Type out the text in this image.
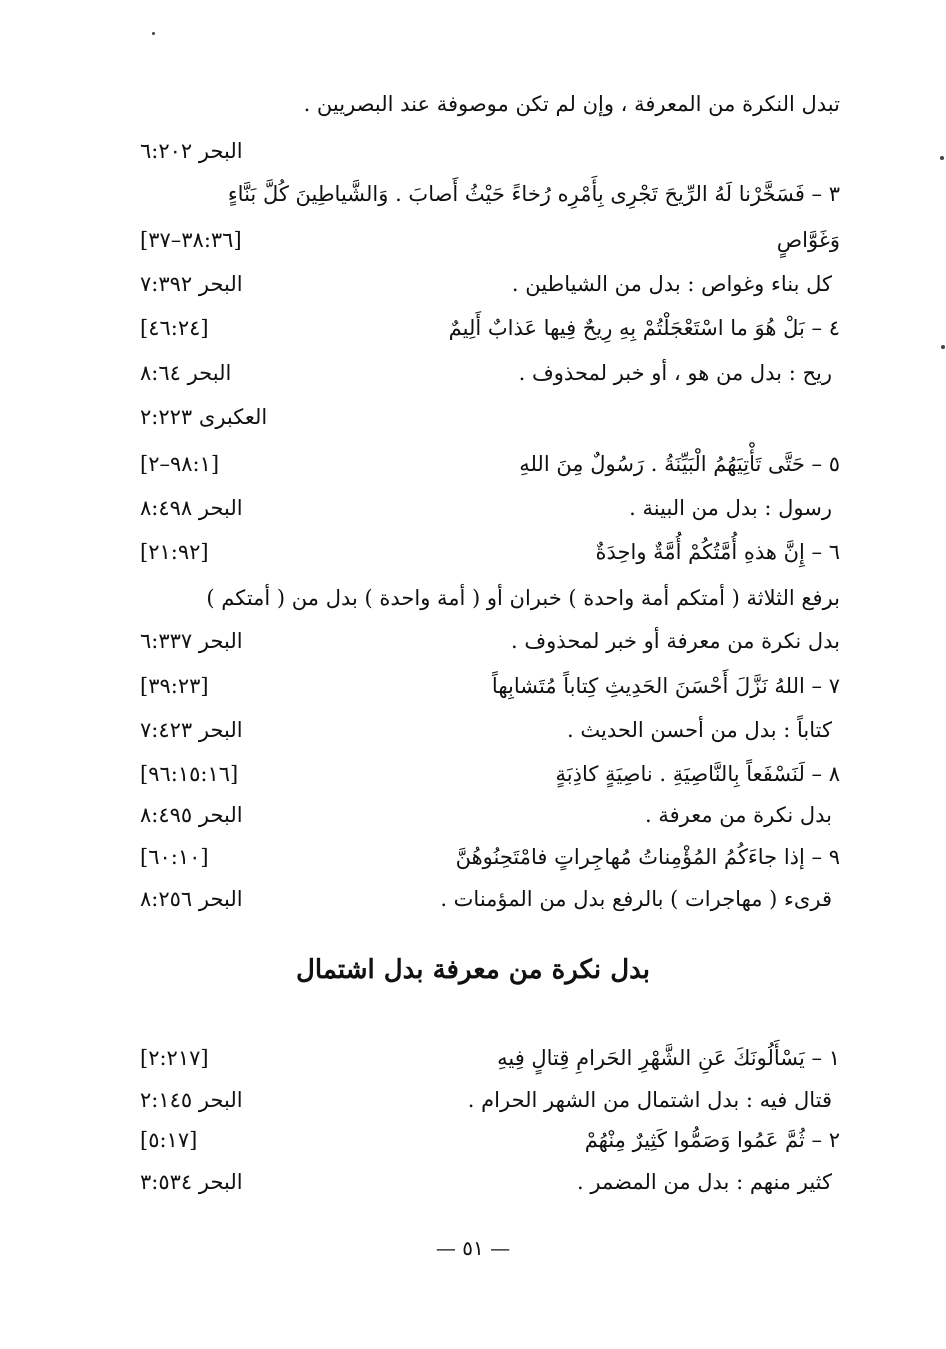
تبدل النكرة من المعرفة ، وإن لم تكن موصوفة عند البصريين .
البحر ٦:٢٠٢
٣ – فَسَخَّرْنا لَهُ الرِّيحَ تَجْرِى بِأَمْرِه رُخاءً حَيْثُ أَصابَ . وَالشَّياطِينَ كُلَّ بَنَّاءٍ
وَغَوَّاصٍ
[٣٨:٣٦–٣٧]
كل بناء وغواص : بدل من الشياطين .
البحر ٧:٣٩٢
٤ – بَلْ هُوَ ما اسْتَعْجَلْتُمْ بِهِ رِيحٌ فِيها عَذابٌ أَلِيمٌ
[٤٦:٢٤]
ريح : بدل من هو ، أو خبر لمحذوف .
البحر ٨:٦٤
العكبرى ٢:٢٢٣
٥ – حَتَّى تَأْتِيَهُمُ الْبَيِّنَةُ . رَسُولٌ مِنَ اللهِ
[٩٨:١–٢]
رسول : بدل من البينة .
البحر ٨:٤٩٨
٦ – إِنَّ هذهِ أُمَّتُكُمْ أُمَّةٌ واحِدَةٌ
[٢١:٩٢]
برفع الثلاثة ( أمتكم أمة واحدة ) خبران أو ( أمة واحدة ) بدل من ( أمتكم )
بدل نكرة من معرفة أو خبر لمحذوف .
البحر ٦:٣٣٧
٧ – اللهُ نَزَّلَ أَحْسَنَ الحَدِيثِ كِتاباً مُتَشابِهاً
[٣٩:٢٣]
كتاباً : بدل من أحسن الحديث .
البحر ٧:٤٢٣
٨ – لَنَسْفَعاً بِالنَّاصِيَةِ . ناصِيَةٍ كاذِبَةٍ
[٩٦:١٥:١٦]
بدل نكرة من معرفة .
البحر ٨:٤٩٥
٩ – إذا جاءَكُمُ المُؤْمِناتُ مُهاجِراتٍ فامْتَحِنُوهُنَّ
[٦٠:١٠]
قرىء ( مهاجرات ) بالرفع بدل من المؤمنات .
البحر ٨:٢٥٦
بدل نكرة من معرفة بدل اشتمال
١ – يَسْأَلُونَكَ عَنِ الشَّهْرِ الحَرامِ قِتالٍ فِيهِ
[٢:٢١٧]
قتال فيه : بدل اشتمال من الشهر الحرام .
البحر ٢:١٤٥
٢ – ثُمَّ عَمُوا وَصَمُّوا كَثِيرٌ مِنْهُمْ
[٥:١٧]
كثير منهم : بدل من المضمر .
البحر ٣:٥٣٤
— ٥١ —
